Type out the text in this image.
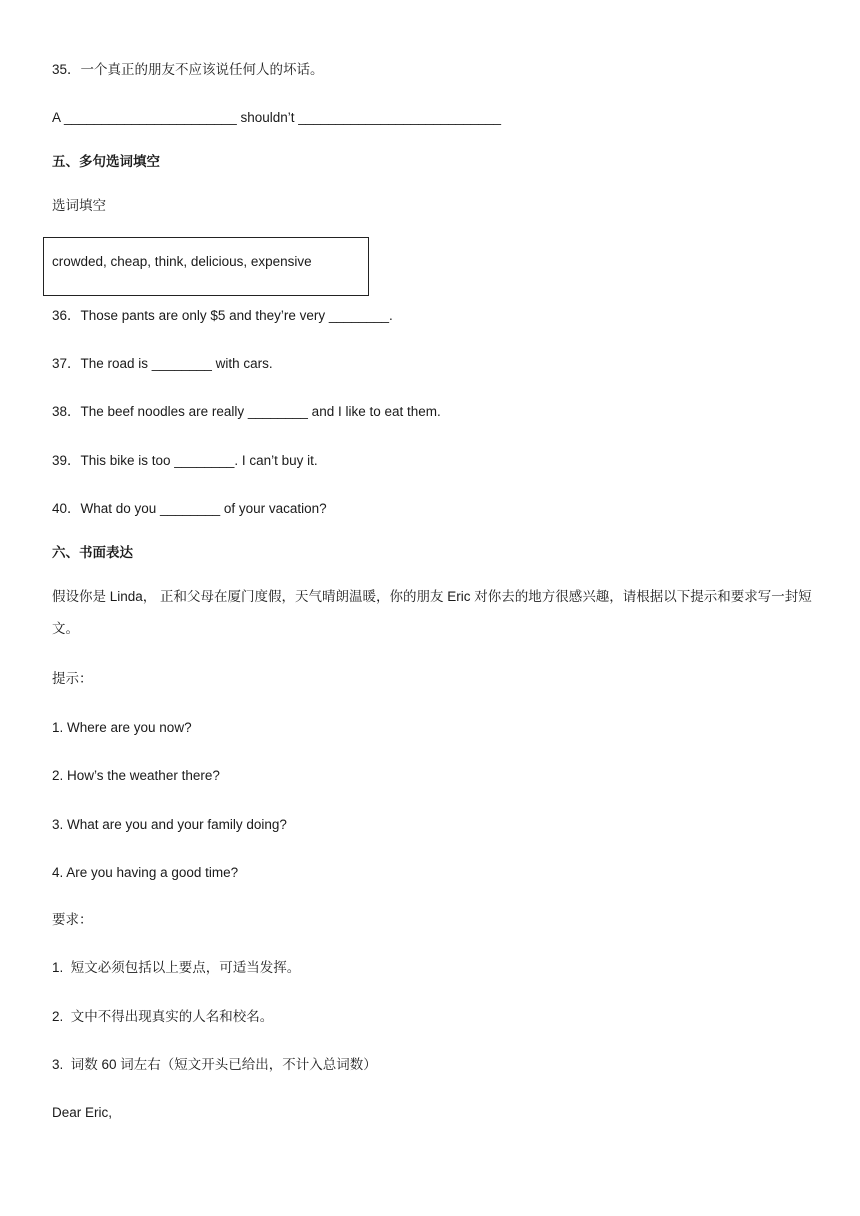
35．一个真正的朋友不应该说任何人的坏话。
A _______________________ shouldn’t ___________________________
五、多句选词填空
选词填空
crowded, cheap, think, delicious, expensive
36．Those pants are only $5 and they’re very ________.
37．The road is ________ with cars.
38．The beef noodles are really ________ and I like to eat them.
39．This bike is too ________. I can’t buy it.
40．What do you ________ of your vacation?
六、书面表达
假设你是 Linda， 正和父母在厦门度假，天气晴朗温暖，你的朋友 Eric 对你去的地方很感兴趣，请根据以下提示和要求写一封短文。
提示：
1. Where are you now?
2. How’s the weather there?
3. What are you and your family doing?
4. Are you having a good time?
要求：
1.  短文必须包括以上要点，可适当发挥。
2.  文中不得出现真实的人名和校名。
3.  词数 60 词左右（短文开头已给出，不计入总词数）
Dear Eric,
